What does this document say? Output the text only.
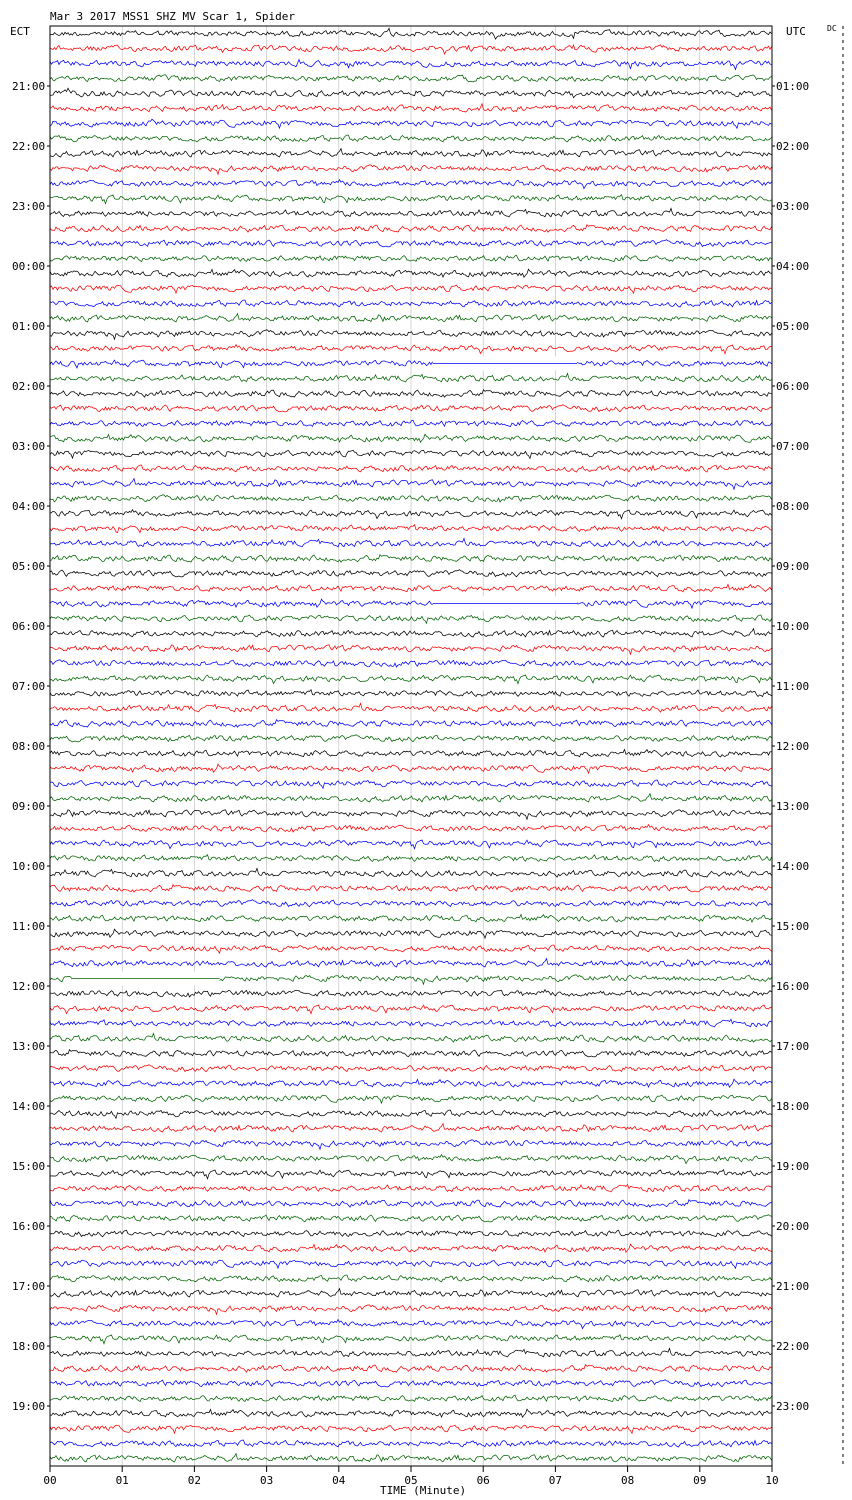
Mar 3 2017 MSS1 SHZ MV Scar 1, Spider
ECT	UTC	DC
TIME (Minute)
21:00
22:00
23:00
00:00
01:00
02:00
03:00
04:00
05:00
06:00
07:00
08:00
09:00
10:00
11:00
12:00
13:00
14:00
15:00
16:00
17:00
18:00
19:00
01:00
02:00
03:00
04:00
05:00
06:00
07:00
08:00
09:00
10:00
11:00
12:00
13:00
14:00
15:00
16:00
17:00
18:00
19:00
20:00
21:00
22:00
23:00
00	01	02	03	04	05	06	07	08	09	10
